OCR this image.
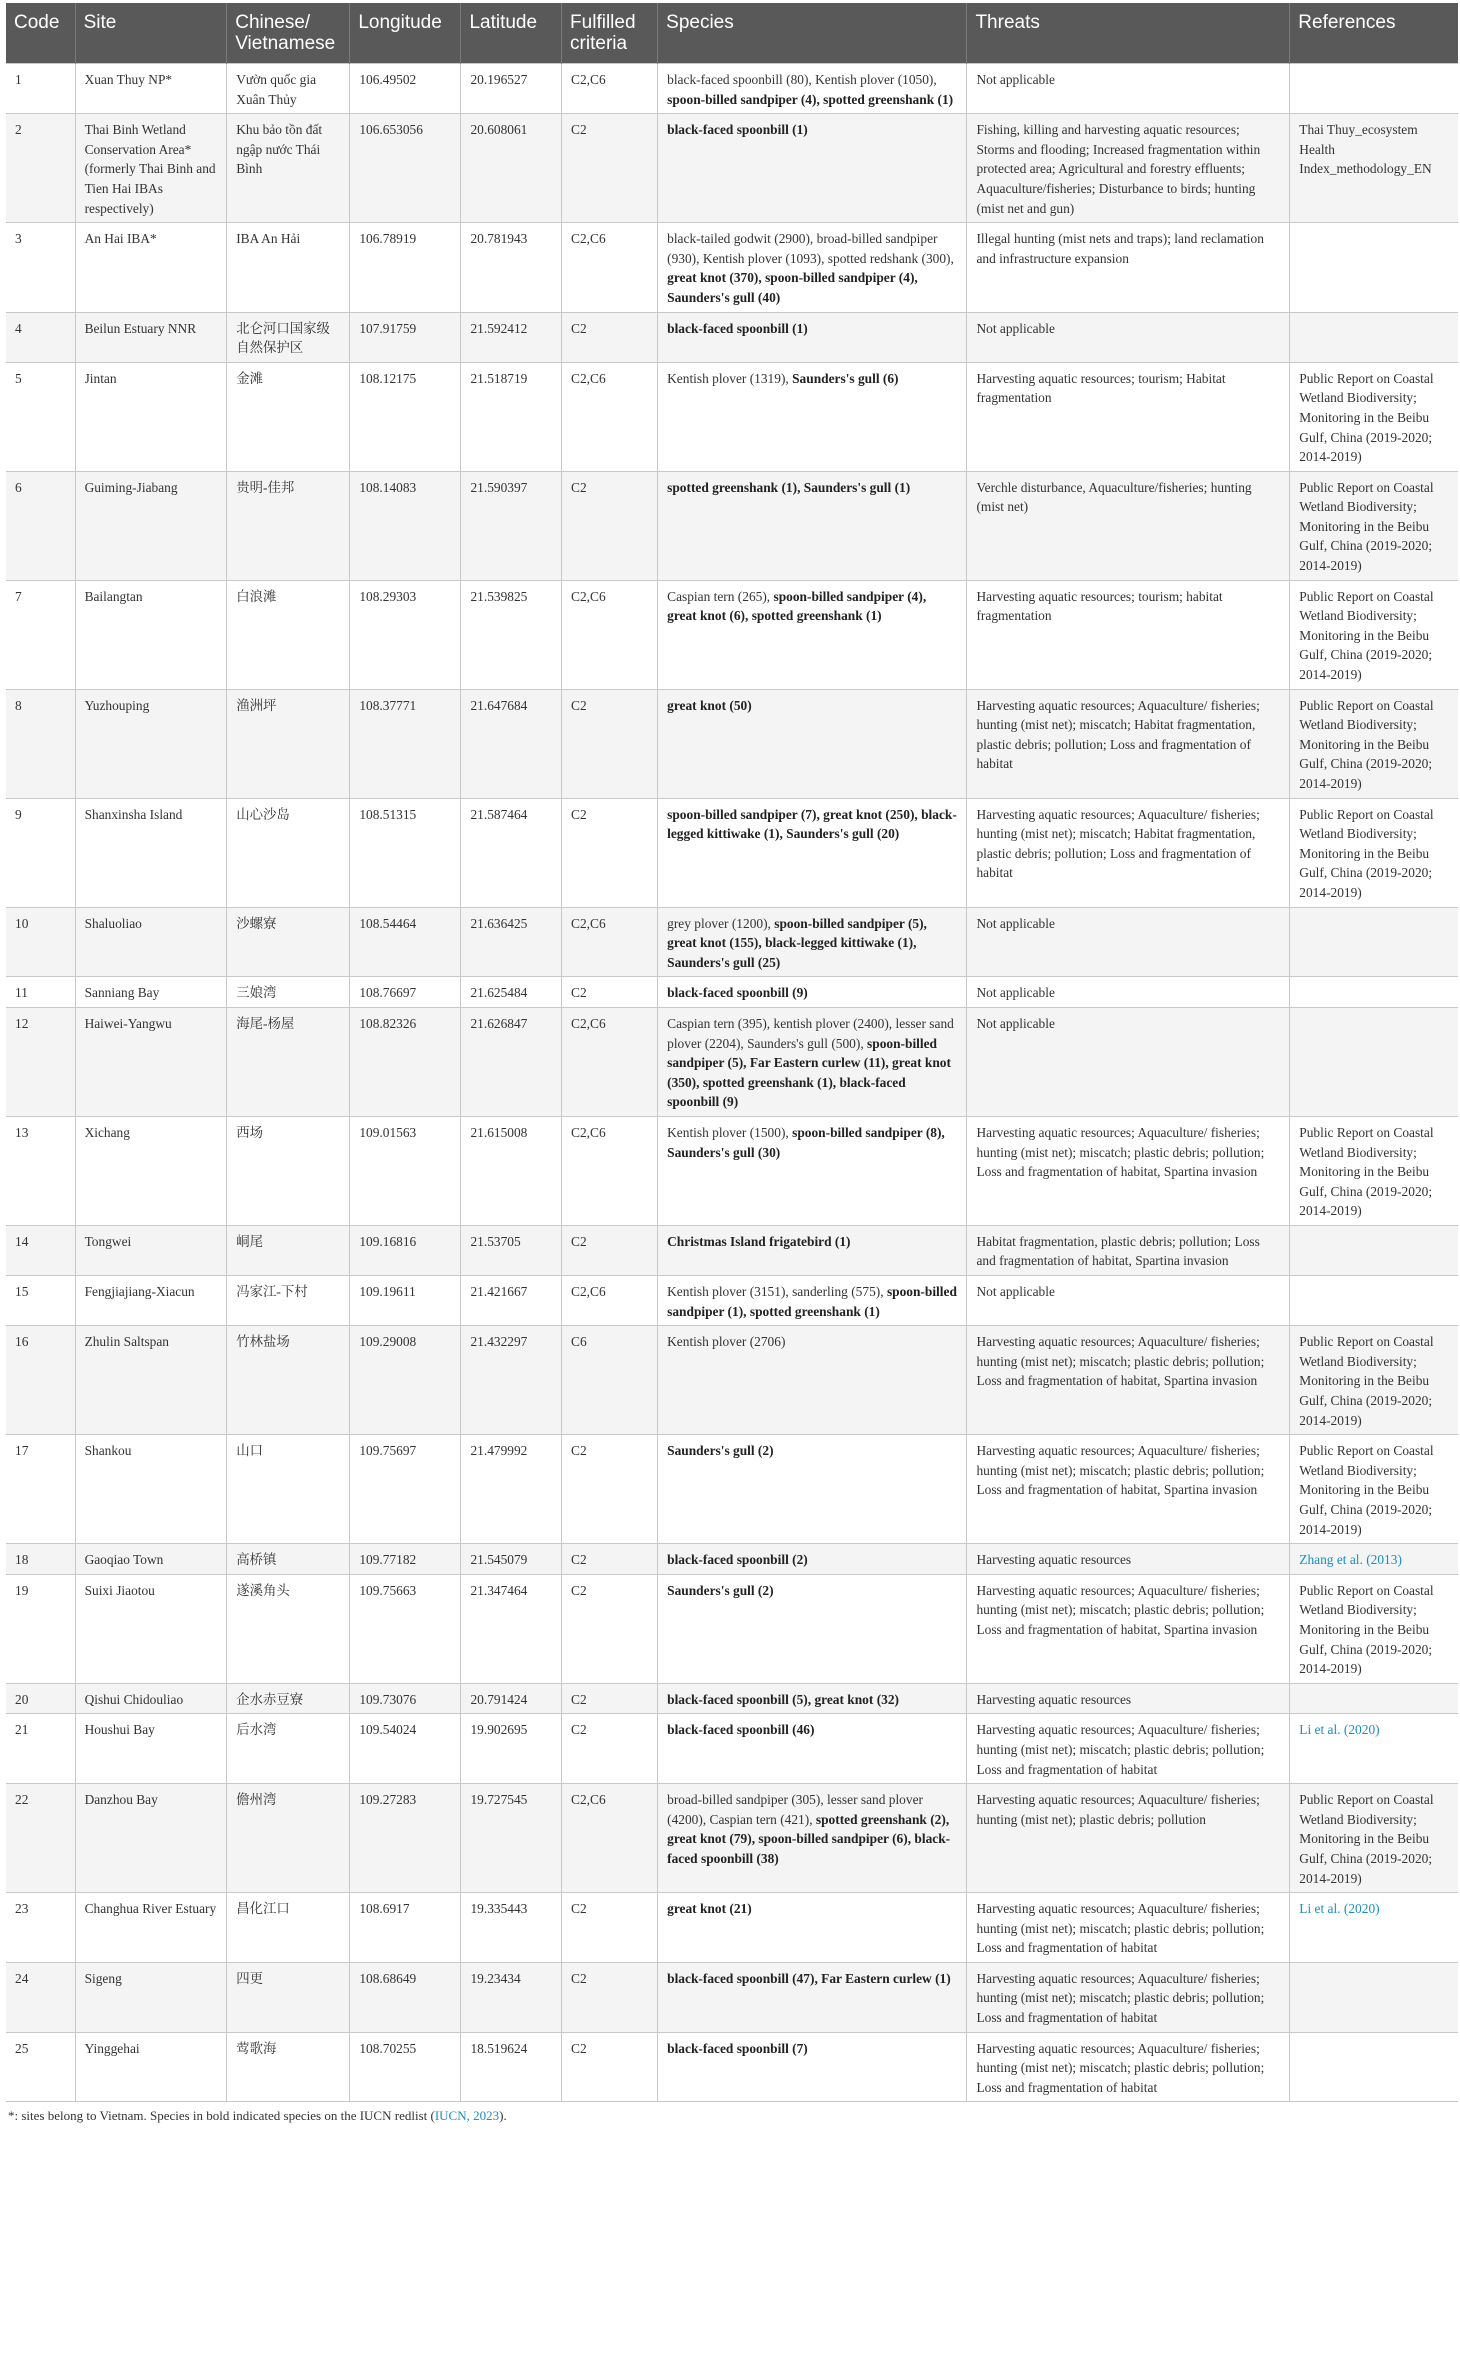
Code	Site	Chinese/ Vietnamese	Longitude	Latitude	Fulfilled criteria	Species	Threats	References
1	Xuan Thuy NP*	Vườn quốc gia Xuân Thủy	106.49502	20.196527	C2,C6	black-faced spoonbill (80), Kentish plover (1050), spoon-billed sandpiper (4), spotted greenshank (1)	Not applicable	
2	Thai Binh Wetland Conservation Area* (formerly Thai Binh and Tien Hai IBAs respectively)	Khu bảo tồn đất ngập nước Thái Bình	106.653056	20.608061	C2	black-faced spoonbill (1)	Fishing, killing and harvesting aquatic resources; Storms and flooding; Increased fragmentation within protected area; Agricultural and forestry effluents; Aquaculture/fisheries; Disturbance to birds; hunting (mist net and gun)	Thai Thuy_ecosystem Health Index_methodology_EN
3	An Hai IBA*	IBA An Hải	106.78919	20.781943	C2,C6	black-tailed godwit (2900), broad-billed sandpiper (930), Kentish plover (1093), spotted redshank (300), great knot (370), spoon-billed sandpiper (4), Saunders's gull (40)	Illegal hunting (mist nets and traps); land reclamation and infrastructure expansion	
4	Beilun Estuary NNR	北仑河口国家级自然保护区	107.91759	21.592412	C2	black-faced spoonbill (1)	Not applicable	
5	Jintan	金滩	108.12175	21.518719	C2,C6	Kentish plover (1319), Saunders's gull (6)	Harvesting aquatic resources; tourism; Habitat fragmentation	Public Report on Coastal Wetland Biodiversity; Monitoring in the Beibu Gulf, China (2019-2020; 2014-2019)
6	Guiming-Jiabang	贵明-佳邦	108.14083	21.590397	C2	spotted greenshank (1), Saunders's gull (1)	Verchle disturbance, Aquaculture/fisheries; hunting (mist net)	Public Report on Coastal Wetland Biodiversity; Monitoring in the Beibu Gulf, China (2019-2020; 2014-2019)
7	Bailangtan	白浪滩	108.29303	21.539825	C2,C6	Caspian tern (265), spoon-billed sandpiper (4), great knot (6), spotted greenshank (1)	Harvesting aquatic resources; tourism; habitat fragmentation	Public Report on Coastal Wetland Biodiversity; Monitoring in the Beibu Gulf, China (2019-2020; 2014-2019)
8	Yuzhouping	渔洲坪	108.37771	21.647684	C2	great knot (50)	Harvesting aquatic resources; Aquaculture/ fisheries; hunting (mist net); miscatch; Habitat fragmentation, plastic debris; pollution; Loss and fragmentation of habitat	Public Report on Coastal Wetland Biodiversity; Monitoring in the Beibu Gulf, China (2019-2020; 2014-2019)
9	Shanxinsha Island	山心沙岛	108.51315	21.587464	C2	spoon-billed sandpiper (7), great knot (250), black-legged kittiwake (1), Saunders's gull (20)	Harvesting aquatic resources; Aquaculture/ fisheries; hunting (mist net); miscatch; Habitat fragmentation, plastic debris; pollution; Loss and fragmentation of habitat	Public Report on Coastal Wetland Biodiversity; Monitoring in the Beibu Gulf, China (2019-2020; 2014-2019)
10	Shaluoliao	沙螺寮	108.54464	21.636425	C2,C6	grey plover (1200), spoon-billed sandpiper (5), great knot (155), black-legged kittiwake (1), Saunders's gull (25)	Not applicable	
11	Sanniang Bay	三娘湾	108.76697	21.625484	C2	black-faced spoonbill (9)	Not applicable	
12	Haiwei-Yangwu	海尾-杨屋	108.82326	21.626847	C2,C6	Caspian tern (395), kentish plover (2400), lesser sand plover (2204), Saunders's gull (500), spoon-billed sandpiper (5), Far Eastern curlew (11), great knot (350), spotted greenshank (1), black-faced spoonbill (9)	Not applicable	
13	Xichang	西场	109.01563	21.615008	C2,C6	Kentish plover (1500), spoon-billed sandpiper (8), Saunders's gull (30)	Harvesting aquatic resources; Aquaculture/ fisheries; hunting (mist net); miscatch; plastic debris; pollution; Loss and fragmentation of habitat, Spartina invasion	Public Report on Coastal Wetland Biodiversity; Monitoring in the Beibu Gulf, China (2019-2020; 2014-2019)
14	Tongwei	峒尾	109.16816	21.53705	C2	Christmas Island frigatebird (1)	Habitat fragmentation, plastic debris; pollution; Loss and fragmentation of habitat, Spartina invasion	
15	Fengjiajiang-Xiacun	冯家江-下村	109.19611	21.421667	C2,C6	Kentish plover (3151), sanderling (575), spoon-billed sandpiper (1), spotted greenshank (1)	Not applicable	
16	Zhulin Saltspan	竹林盐场	109.29008	21.432297	C6	Kentish plover (2706)	Harvesting aquatic resources; Aquaculture/ fisheries; hunting (mist net); miscatch; plastic debris; pollution; Loss and fragmentation of habitat, Spartina invasion	Public Report on Coastal Wetland Biodiversity; Monitoring in the Beibu Gulf, China (2019-2020; 2014-2019)
17	Shankou	山口	109.75697	21.479992	C2	Saunders's gull (2)	Harvesting aquatic resources; Aquaculture/ fisheries; hunting (mist net); miscatch; plastic debris; pollution; Loss and fragmentation of habitat, Spartina invasion	Public Report on Coastal Wetland Biodiversity; Monitoring in the Beibu Gulf, China (2019-2020; 2014-2019)
18	Gaoqiao Town	高桥镇	109.77182	21.545079	C2	black-faced spoonbill (2)	Harvesting aquatic resources	Zhang et al. (2013)
19	Suixi Jiaotou	遂溪角头	109.75663	21.347464	C2	Saunders's gull (2)	Harvesting aquatic resources; Aquaculture/ fisheries; hunting (mist net); miscatch; plastic debris; pollution; Loss and fragmentation of habitat, Spartina invasion	Public Report on Coastal Wetland Biodiversity; Monitoring in the Beibu Gulf, China (2019-2020; 2014-2019)
20	Qishui Chidouliao	企水赤豆寮	109.73076	20.791424	C2	black-faced spoonbill (5), great knot (32)	Harvesting aquatic resources	
21	Houshui Bay	后水湾	109.54024	19.902695	C2	black-faced spoonbill (46)	Harvesting aquatic resources; Aquaculture/ fisheries; hunting (mist net); miscatch; plastic debris; pollution; Loss and fragmentation of habitat	Li et al. (2020)
22	Danzhou Bay	儋州湾	109.27283	19.727545	C2,C6	broad-billed sandpiper (305), lesser sand plover (4200), Caspian tern (421), spotted greenshank (2), great knot (79), spoon-billed sandpiper (6), black-faced spoonbill (38)	Harvesting aquatic resources; Aquaculture/ fisheries; hunting (mist net); plastic debris; pollution	Public Report on Coastal Wetland Biodiversity; Monitoring in the Beibu Gulf, China (2019-2020; 2014-2019)
23	Changhua River Estuary	昌化江口	108.6917	19.335443	C2	great knot (21)	Harvesting aquatic resources; Aquaculture/ fisheries; hunting (mist net); miscatch; plastic debris; pollution; Loss and fragmentation of habitat	Li et al. (2020)
24	Sigeng	四更	108.68649	19.23434	C2	black-faced spoonbill (47), Far Eastern curlew (1)	Harvesting aquatic resources; Aquaculture/ fisheries; hunting (mist net); miscatch; plastic debris; pollution; Loss and fragmentation of habitat	
25	Yinggehai	莺歌海	108.70255	18.519624	C2	black-faced spoonbill (7)	Harvesting aquatic resources; Aquaculture/ fisheries; hunting (mist net); miscatch; plastic debris; pollution; Loss and fragmentation of habitat	
*: sites belong to Vietnam. Species in bold indicated species on the IUCN redlist (IUCN, 2023).
